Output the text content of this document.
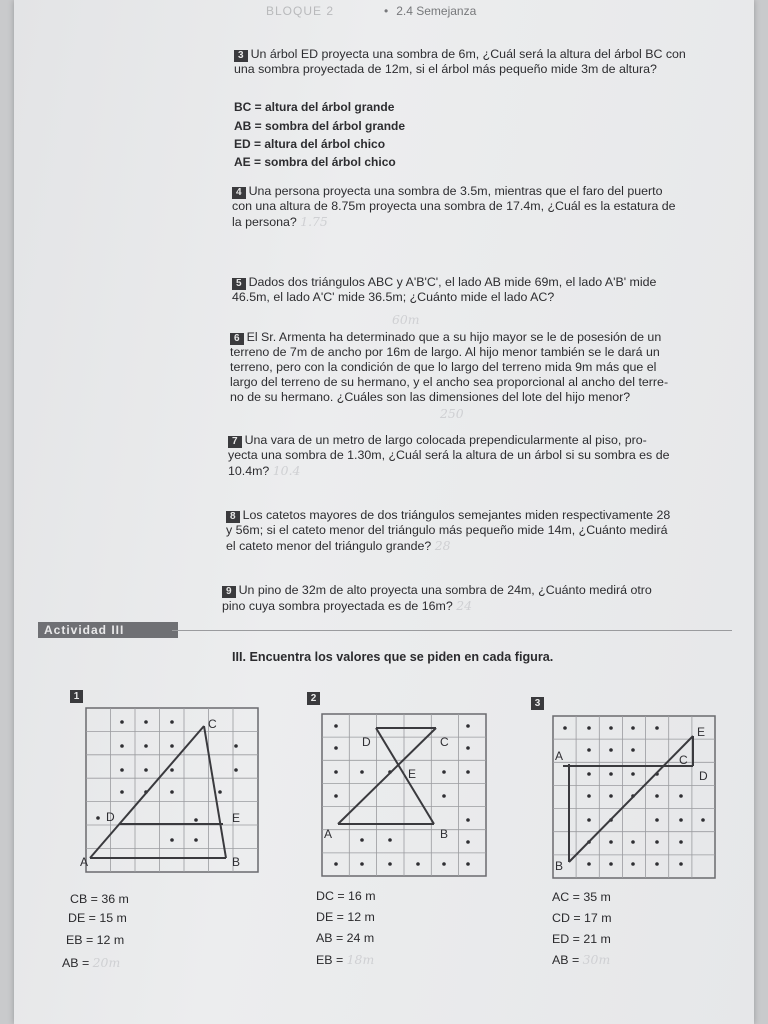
BLOQUE 2	• 2.4 Semejanza
3 Un árbol ED proyecta una sombra de 6m, ¿Cuál será la altura del árbol BC con
una sombra proyectada de 12m, si el árbol más pequeño mide 3m de altura?
BC = altura del árbol grande
AB = sombra del árbol grande
ED = altura del árbol chico
AE = sombra del árbol chico
4 Una persona proyecta una sombra de 3.5m, mientras que el faro del puerto
con una altura de 8.75m proyecta una sombra de 17.4m, ¿Cuál es la estatura de
la persona? 1.75
5 Dados dos triángulos ABC y A'B'C', el lado AB mide 69m, el lado A'B' mide
46.5m, el lado A'C' mide 36.5m; ¿Cuánto mide el lado AC?
60m
6 El Sr. Armenta ha determinado que a su hijo mayor se le de posesión de un
terreno de 7m de ancho por 16m de largo. Al hijo menor también se le dará un
terreno, pero con la condición de que lo largo del terreno mida 9m más que el
largo del terreno de su hermano, y el ancho sea proporcional al ancho del terre-
no de su hermano. ¿Cuáles son las dimensiones del lote del hijo menor?
250
7 Una vara de un metro de largo colocada prependicularmente al piso, pro-
yecta una sombra de 1.30m, ¿Cuál será la altura de un árbol si su sombra es de
10.4m? 10.4
8 Los catetos mayores de dos triángulos semejantes miden respectivamente 28
y 56m; si el cateto menor del triángulo más pequeño mide 14m, ¿Cuánto medirá
el cateto menor del triángulo grande? 28
9 Un pino de 32m de alto proyecta una sombra de 24m, ¿Cuánto medirá otro
pino cuya sombra proyectada es de 16m? 24
Actividad III
III. Encuentra los valores que se piden en cada figura.
1
C
D	E
A	B
CB = 36 m
DE = 15 m
EB = 12 m
AB = 20m
2
D	C
E
A	B
DC = 16 m
DE = 12 m
AB = 24 m
EB = 18m
3
E
A	C
D
B
AC = 35 m
CD = 17 m
ED = 21 m
AB = 30m
